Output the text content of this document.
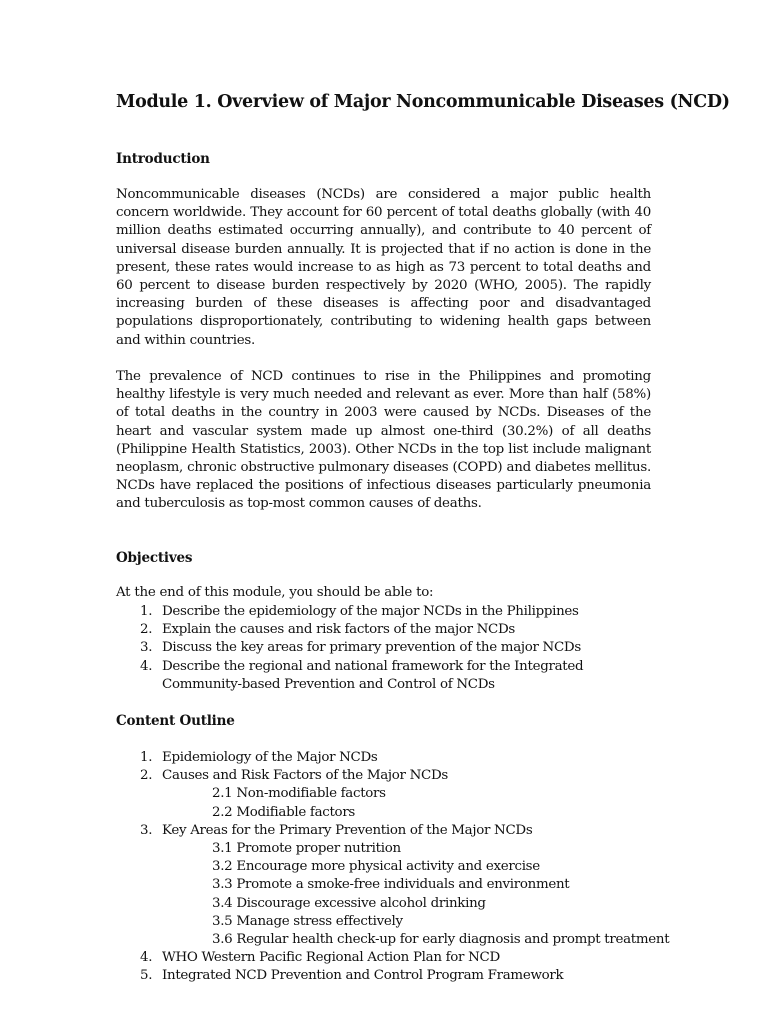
Module 1. Overview of Major Noncommunicable Diseases (NCD)
Introduction

Noncommunicable diseases (NCDs) are considered a major public health concern worldwide. They account for 60 percent of total deaths globally (with 40 million deaths estimated occurring annually), and contribute to 40 percent of universal disease burden annually. It is projected that if no action is done in the present, these rates would increase to as high as 73 percent to total deaths and 60 percent to disease burden respectively by 2020 (WHO, 2005). The rapidly increasing burden of these diseases is affecting poor and disadvantaged populations disproportionately, contributing to widening health gaps between and within countries.

The prevalence of NCD continues to rise in the Philippines and promoting healthy lifestyle is very much needed and relevant as ever. More than half (58%) of total deaths in the country in 2003 were caused by NCDs. Diseases of the heart and vascular system made up almost one-third (30.2%) of all deaths (Philippine Health Statistics, 2003). Other NCDs in the top list include malignant neoplasm, chronic obstructive pulmonary diseases (COPD) and diabetes mellitus. NCDs have replaced the positions of infectious diseases particularly pneumonia and tuberculosis as top-most common causes of deaths.

Objectives
At the end of this module, you should be able to:
1. Describe the epidemiology of the major NCDs in the Philippines
2. Explain the causes and risk factors of the major NCDs
3. Discuss the key areas for primary prevention of the major NCDs
4. Describe the regional and national framework for the Integrated Community-based Prevention and Control of NCDs
Content Outline
1. Epidemiology of the Major NCDs
2. Causes and Risk Factors of the Major NCDs
2.1 Non-modifiable factors
2.2 Modifiable factors
3. Key Areas for the Primary Prevention of the Major NCDs
3.1 Promote proper nutrition
3.2 Encourage more physical activity and exercise
3.3 Promote a smoke-free individuals and environment
3.4 Discourage excessive alcohol drinking
3.5 Manage stress effectively
3.6 Regular health check-up for early diagnosis and prompt treatment
4. WHO Western Pacific Regional Action Plan for NCD
5. Integrated NCD Prevention and Control Program Framework
